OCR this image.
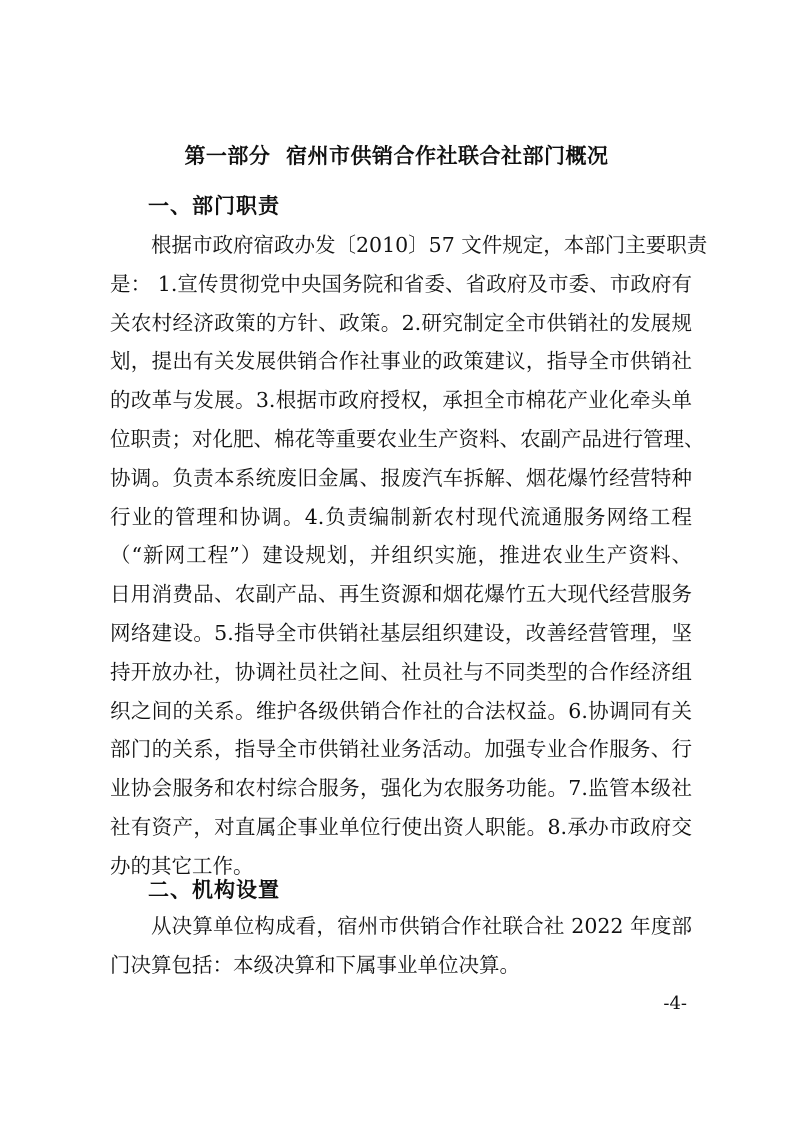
第一部分  宿州市供销合作社联合社部门概况
一、部门职责
根据市政府宿政办发〔2010〕57 文件规定，本部门主要职责
是： 1.宣传贯彻党中央国务院和省委、省政府及市委、市政府有
关农村经济政策的方针、政策。2.研究制定全市供销社的发展规
划，提出有关发展供销合作社事业的政策建议，指导全市供销社
的改革与发展。3.根据市政府授权，承担全市棉花产业化牵头单
位职责；对化肥、棉花等重要农业生产资料、农副产品进行管理、
协调。负责本系统废旧金属、报废汽车拆解、烟花爆竹经营特种
行业的管理和协调。4.负责编制新农村现代流通服务网络工程
（“新网工程”）建设规划，并组织实施，推进农业生产资料、
日用消费品、农副产品、再生资源和烟花爆竹五大现代经营服务
网络建设。5.指导全市供销社基层组织建设，改善经营管理，坚
持开放办社，协调社员社之间、社员社与不同类型的合作经济组
织之间的关系。维护各级供销合作社的合法权益。6.协调同有关
部门的关系，指导全市供销社业务活动。加强专业合作服务、行
业协会服务和农村综合服务，强化为农服务功能。7.监管本级社
社有资产，对直属企事业单位行使出资人职能。8.承办市政府交
办的其它工作。
二、机构设置
从决算单位构成看，宿州市供销合作社联合社 2022 年度部
门决算包括：本级决算和下属事业单位决算。
-4-
